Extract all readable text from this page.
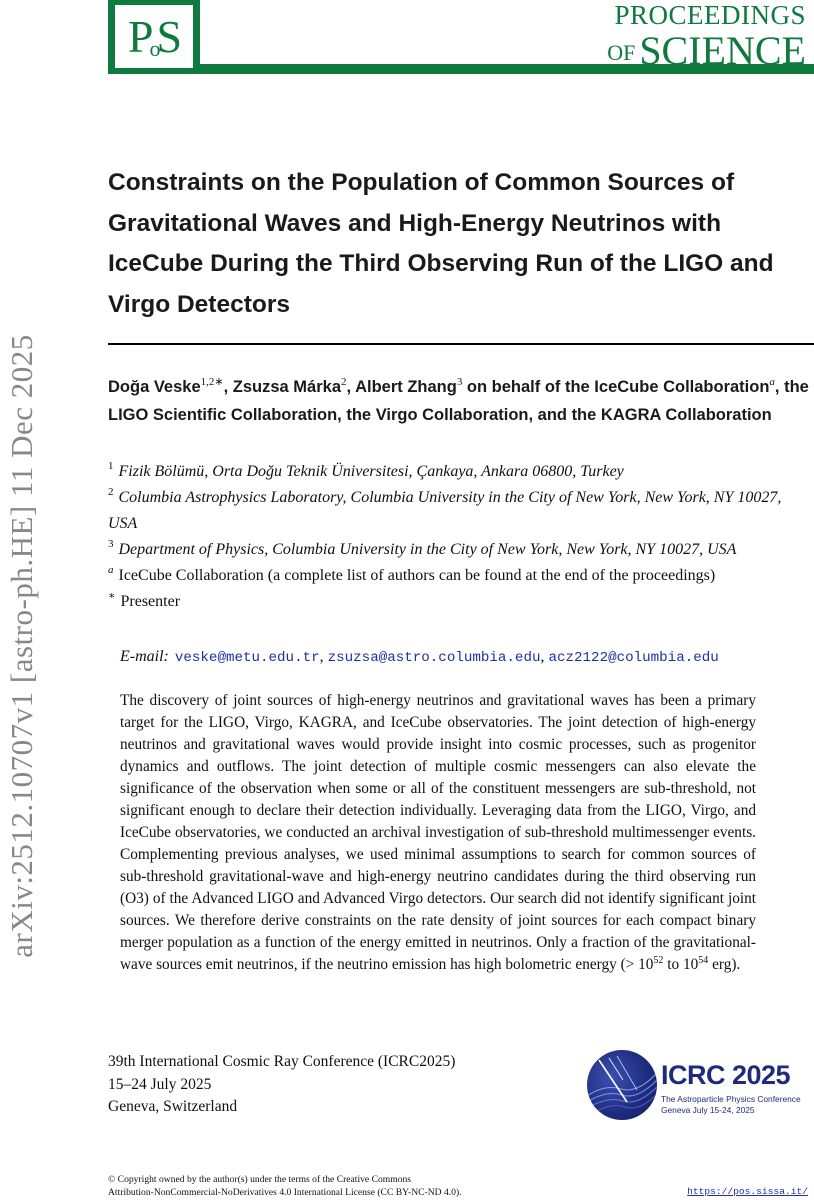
$P_oS$	PROCEEDINGS
OF SCIENCE
arXiv:2512.10707v1 [astro-ph.HE] 11 Dec 2025
Constraints on the Population of Common Sources of Gravitational Waves and High-Energy Neutrinos with IceCube During the Third Observing Run of the LIGO and Virgo Detectors
Doğa Veske$^{1,2∗}$, Zsuzsa Márka$^2$, Albert Zhang$^3$ on behalf of the IceCube Collaboration$^a$, the LIGO Scientific Collaboration, the Virgo Collaboration, and the KAGRA Collaboration

$^1$ Fizik Bölümü, Orta Doğu Teknik Üniversitesi, Çankaya, Ankara 06800, Turkey

$^2$ Columbia Astrophysics Laboratory, Columbia University in the City of New York, New York, NY 10027, USA

$^3$ Department of Physics, Columbia University in the City of New York, New York, NY 10027, USA

$^a$ IceCube Collaboration (a complete list of authors can be found at the end of the proceedings)

∗ Presenter

E-mail: veske@metu.edu.tr, zsuzsa@astro.columbia.edu, acz2122@columbia.edu

The discovery of joint sources of high-energy neutrinos and gravitational waves has been a primary target for the LIGO, Virgo, KAGRA, and IceCube observatories. The joint detection of high-energy neutrinos and gravitational waves would provide insight into cosmic processes, such as progenitor dynamics and outflows. The joint detection of multiple cosmic messengers can also elevate the significance of the observation when some or all of the constituent messengers are sub-threshold, not significant enough to declare their detection individually. Leveraging data from the LIGO, Virgo, and IceCube observatories, we conducted an archival investigation of sub-threshold multimessenger events. Complementing previous analyses, we used minimal assumptions to search for common sources of sub-threshold gravitational-wave and high-energy neutrino candidates during the third observing run (O3) of the Advanced LIGO and Advanced Virgo detectors. Our search did not identify significant joint sources. We therefore derive constraints on the rate density of joint sources for each compact binary merger population as a function of the energy emitted in neutrinos. Only a fraction of the gravitational-wave sources emit neutrinos, if the neutrino emission has high bolometric energy (> $10^{52}$ to $10^{54}$ erg).

39th International Cosmic Ray Conference (ICRC2025)
15–24 July 2025
Geneva, Switzerland
ICRC 2025
The Astroparticle Physics Conference
Geneva July 15-24, 2025
© Copyright owned by the author(s) under the terms of the Creative Commons
Attribution-NonCommercial-NoDerivatives 4.0 International License (CC BY-NC-ND 4.0).	https://pos.sissa.it/
